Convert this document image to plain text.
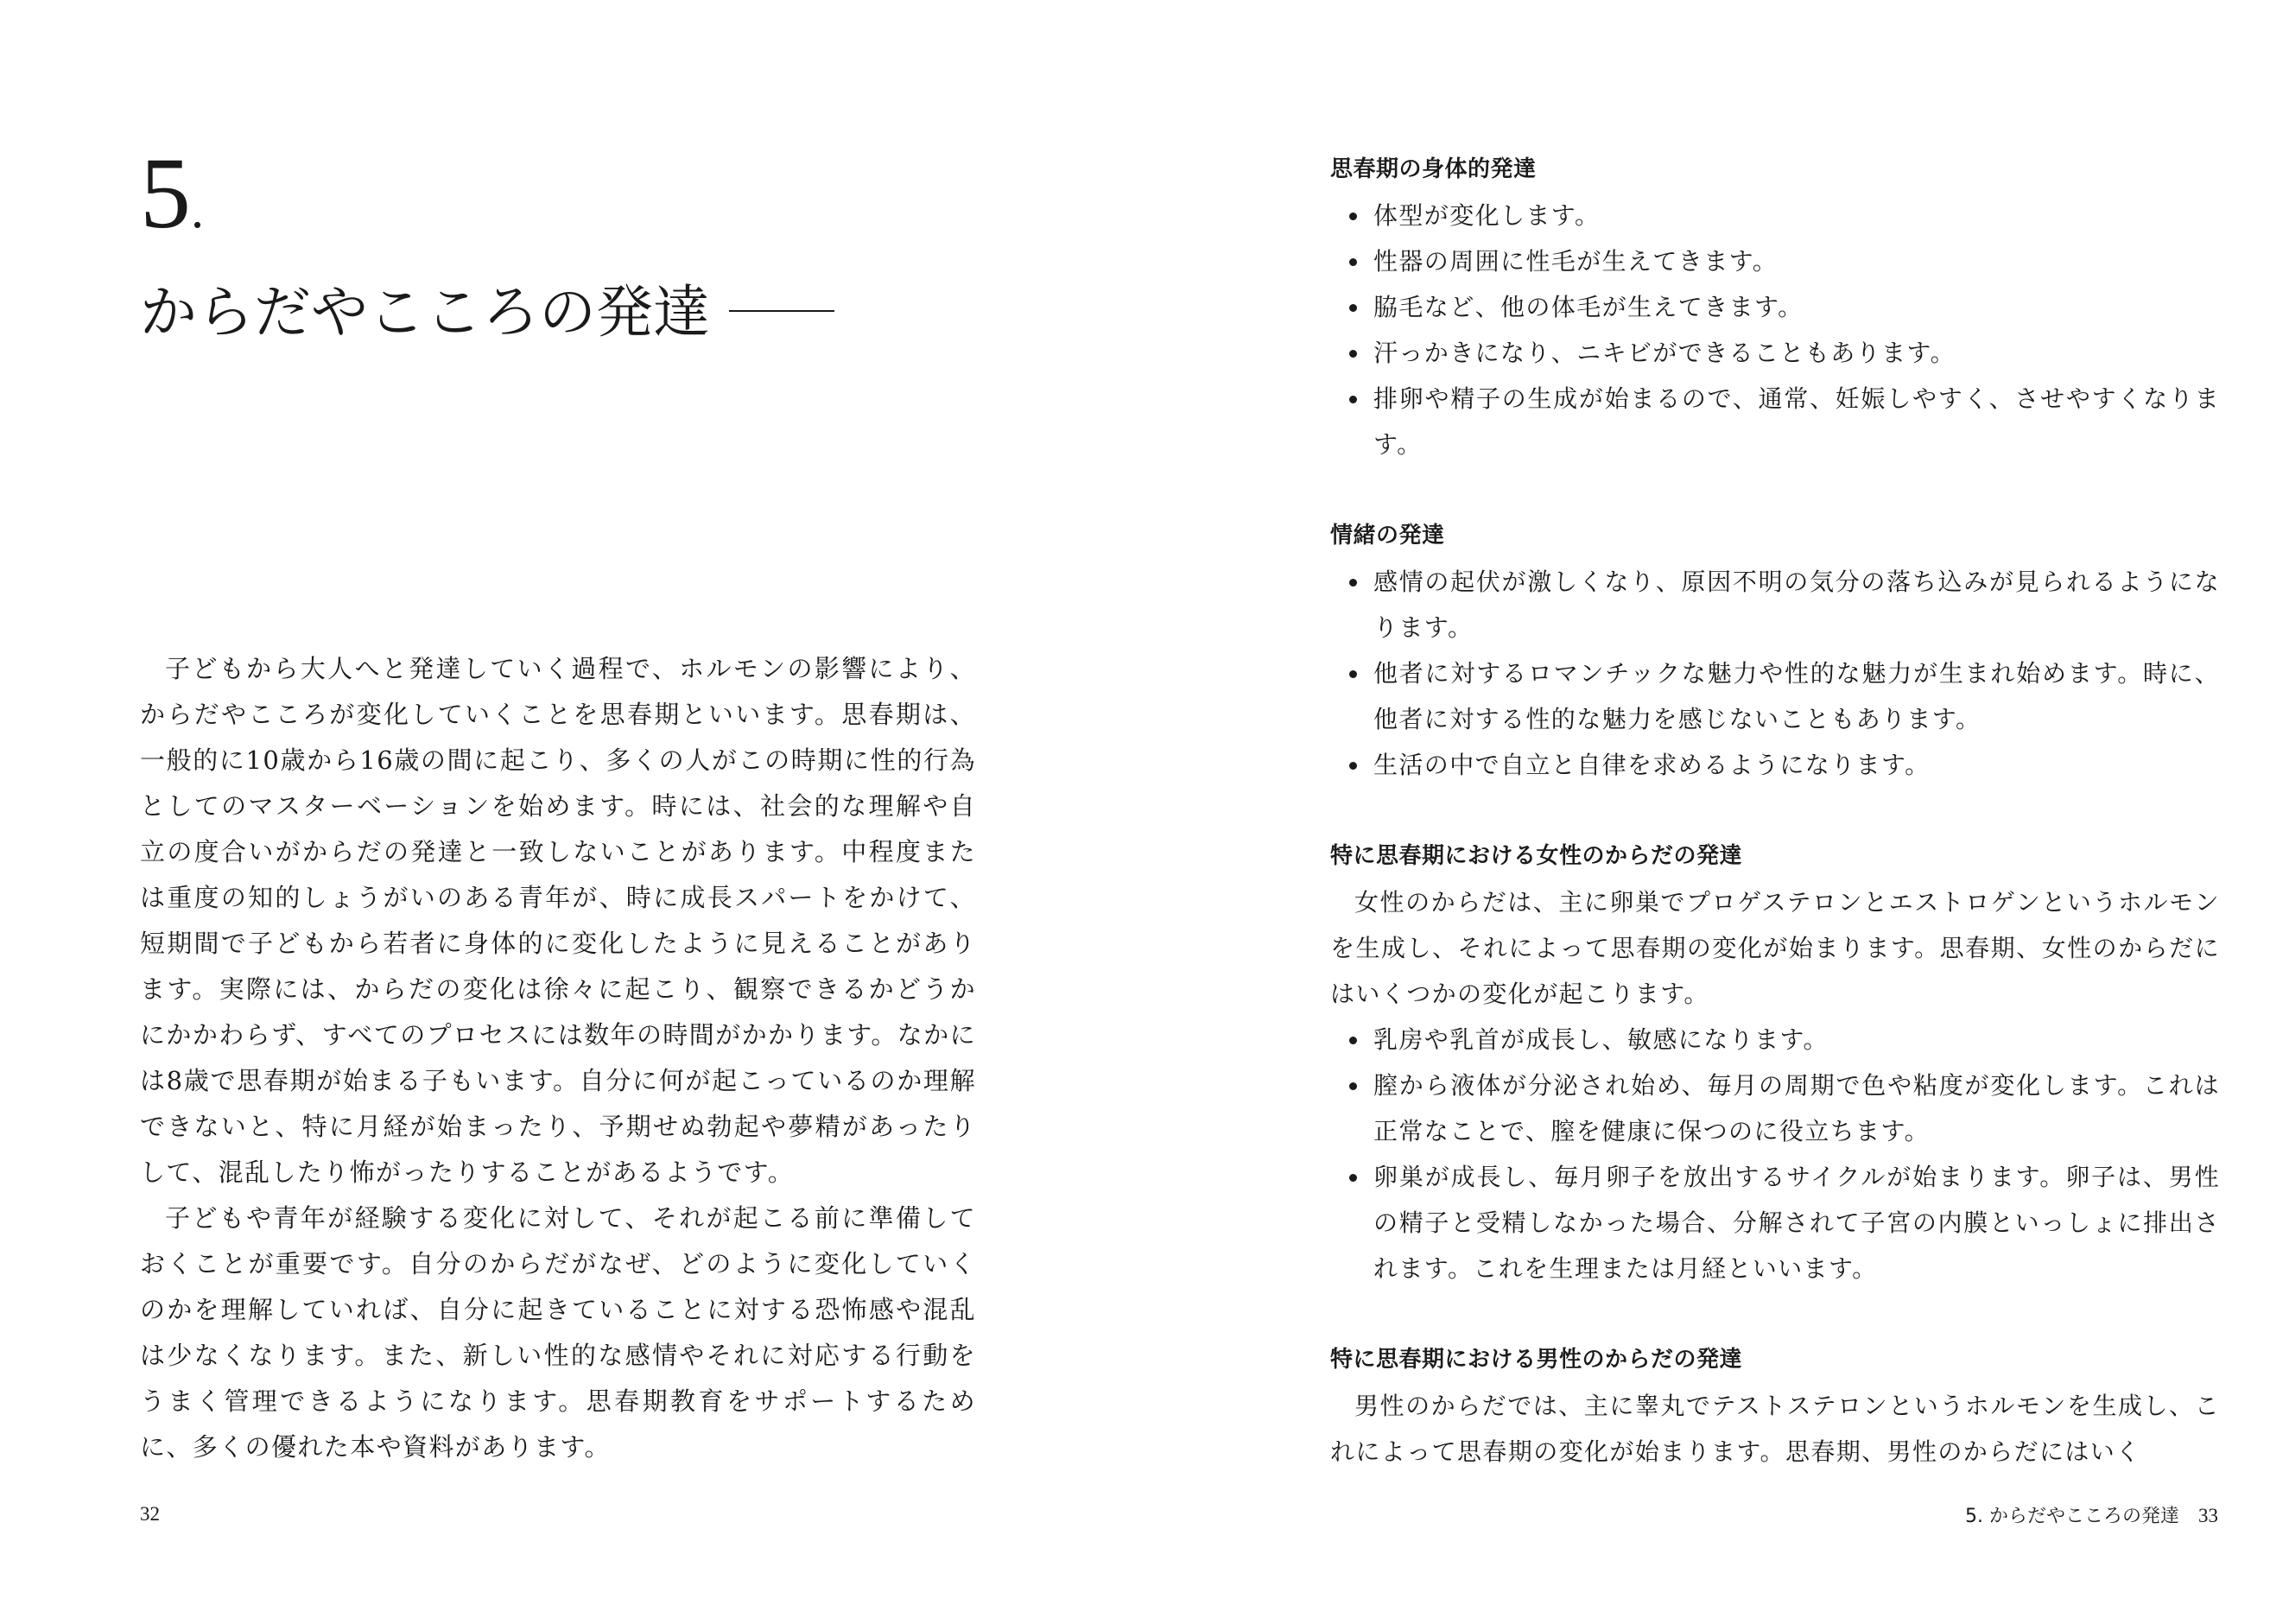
5.
からだやこころの発達

子どもから大人へと発達していく過程で、ホルモンの影響により、からだやこころが変化していくことを思春期といいます。思春期は、一般的に10歳から16歳の間に起こり、多くの人がこの時期に性的行為としてのマスターベーションを始めます。時には、社会的な理解や自立の度合いがからだの発達と一致しないことがあります。中程度または重度の知的しょうがいのある青年が、時に成長スパートをかけて、短期間で子どもから若者に身体的に変化したように見えることがあります。実際には、からだの変化は徐々に起こり、観察できるかどうかにかかわらず、すべてのプロセスには数年の時間がかかります。なかには8歳で思春期が始まる子もいます。自分に何が起こっているのか理解できないと、特に月経が始まったり、予期せぬ勃起や夢精があったりして、混乱したり怖がったりすることがあるようです。

子どもや青年が経験する変化に対して、それが起こる前に準備しておくことが重要です。自分のからだがなぜ、どのように変化していくのかを理解していれば、自分に起きていることに対する恐怖感や混乱は少なくなります。また、新しい性的な感情やそれに対応する行動をうまく管理できるようになります。思春期教育をサポートするために、多くの優れた本や資料があります。

32
思春期の身体的発達
体型が変化します。
性器の周囲に性毛が生えてきます。
脇毛など、他の体毛が生えてきます。
汗っかきになり、ニキビができることもあります。
排卵や精子の生成が始まるので、通常、妊娠しやすく、させやすくなります。
情緒の発達
感情の起伏が激しくなり、原因不明の気分の落ち込みが見られるようになります。
他者に対するロマンチックな魅力や性的な魅力が生まれ始めます。時に、他者に対する性的な魅力を感じないこともあります。
生活の中で自立と自律を求めるようになります。
特に思春期における女性のからだの発達

女性のからだは、主に卵巣でプロゲステロンとエストロゲンというホルモンを生成し、それによって思春期の変化が始まります。思春期、女性のからだにはいくつかの変化が起こります。

乳房や乳首が成長し、敏感になります。
膣から液体が分泌され始め、毎月の周期で色や粘度が変化します。これは正常なことで、膣を健康に保つのに役立ちます。
卵巣が成長し、毎月卵子を放出するサイクルが始まります。卵子は、男性の精子と受精しなかった場合、分解されて子宮の内膜といっしょに排出されます。これを生理または月経といいます。
特に思春期における男性のからだの発達

男性のからだでは、主に睾丸でテストステロンというホルモンを生成し、これによって思春期の変化が始まります。思春期、男性のからだにはいく

5. からだやこころの発達 33
